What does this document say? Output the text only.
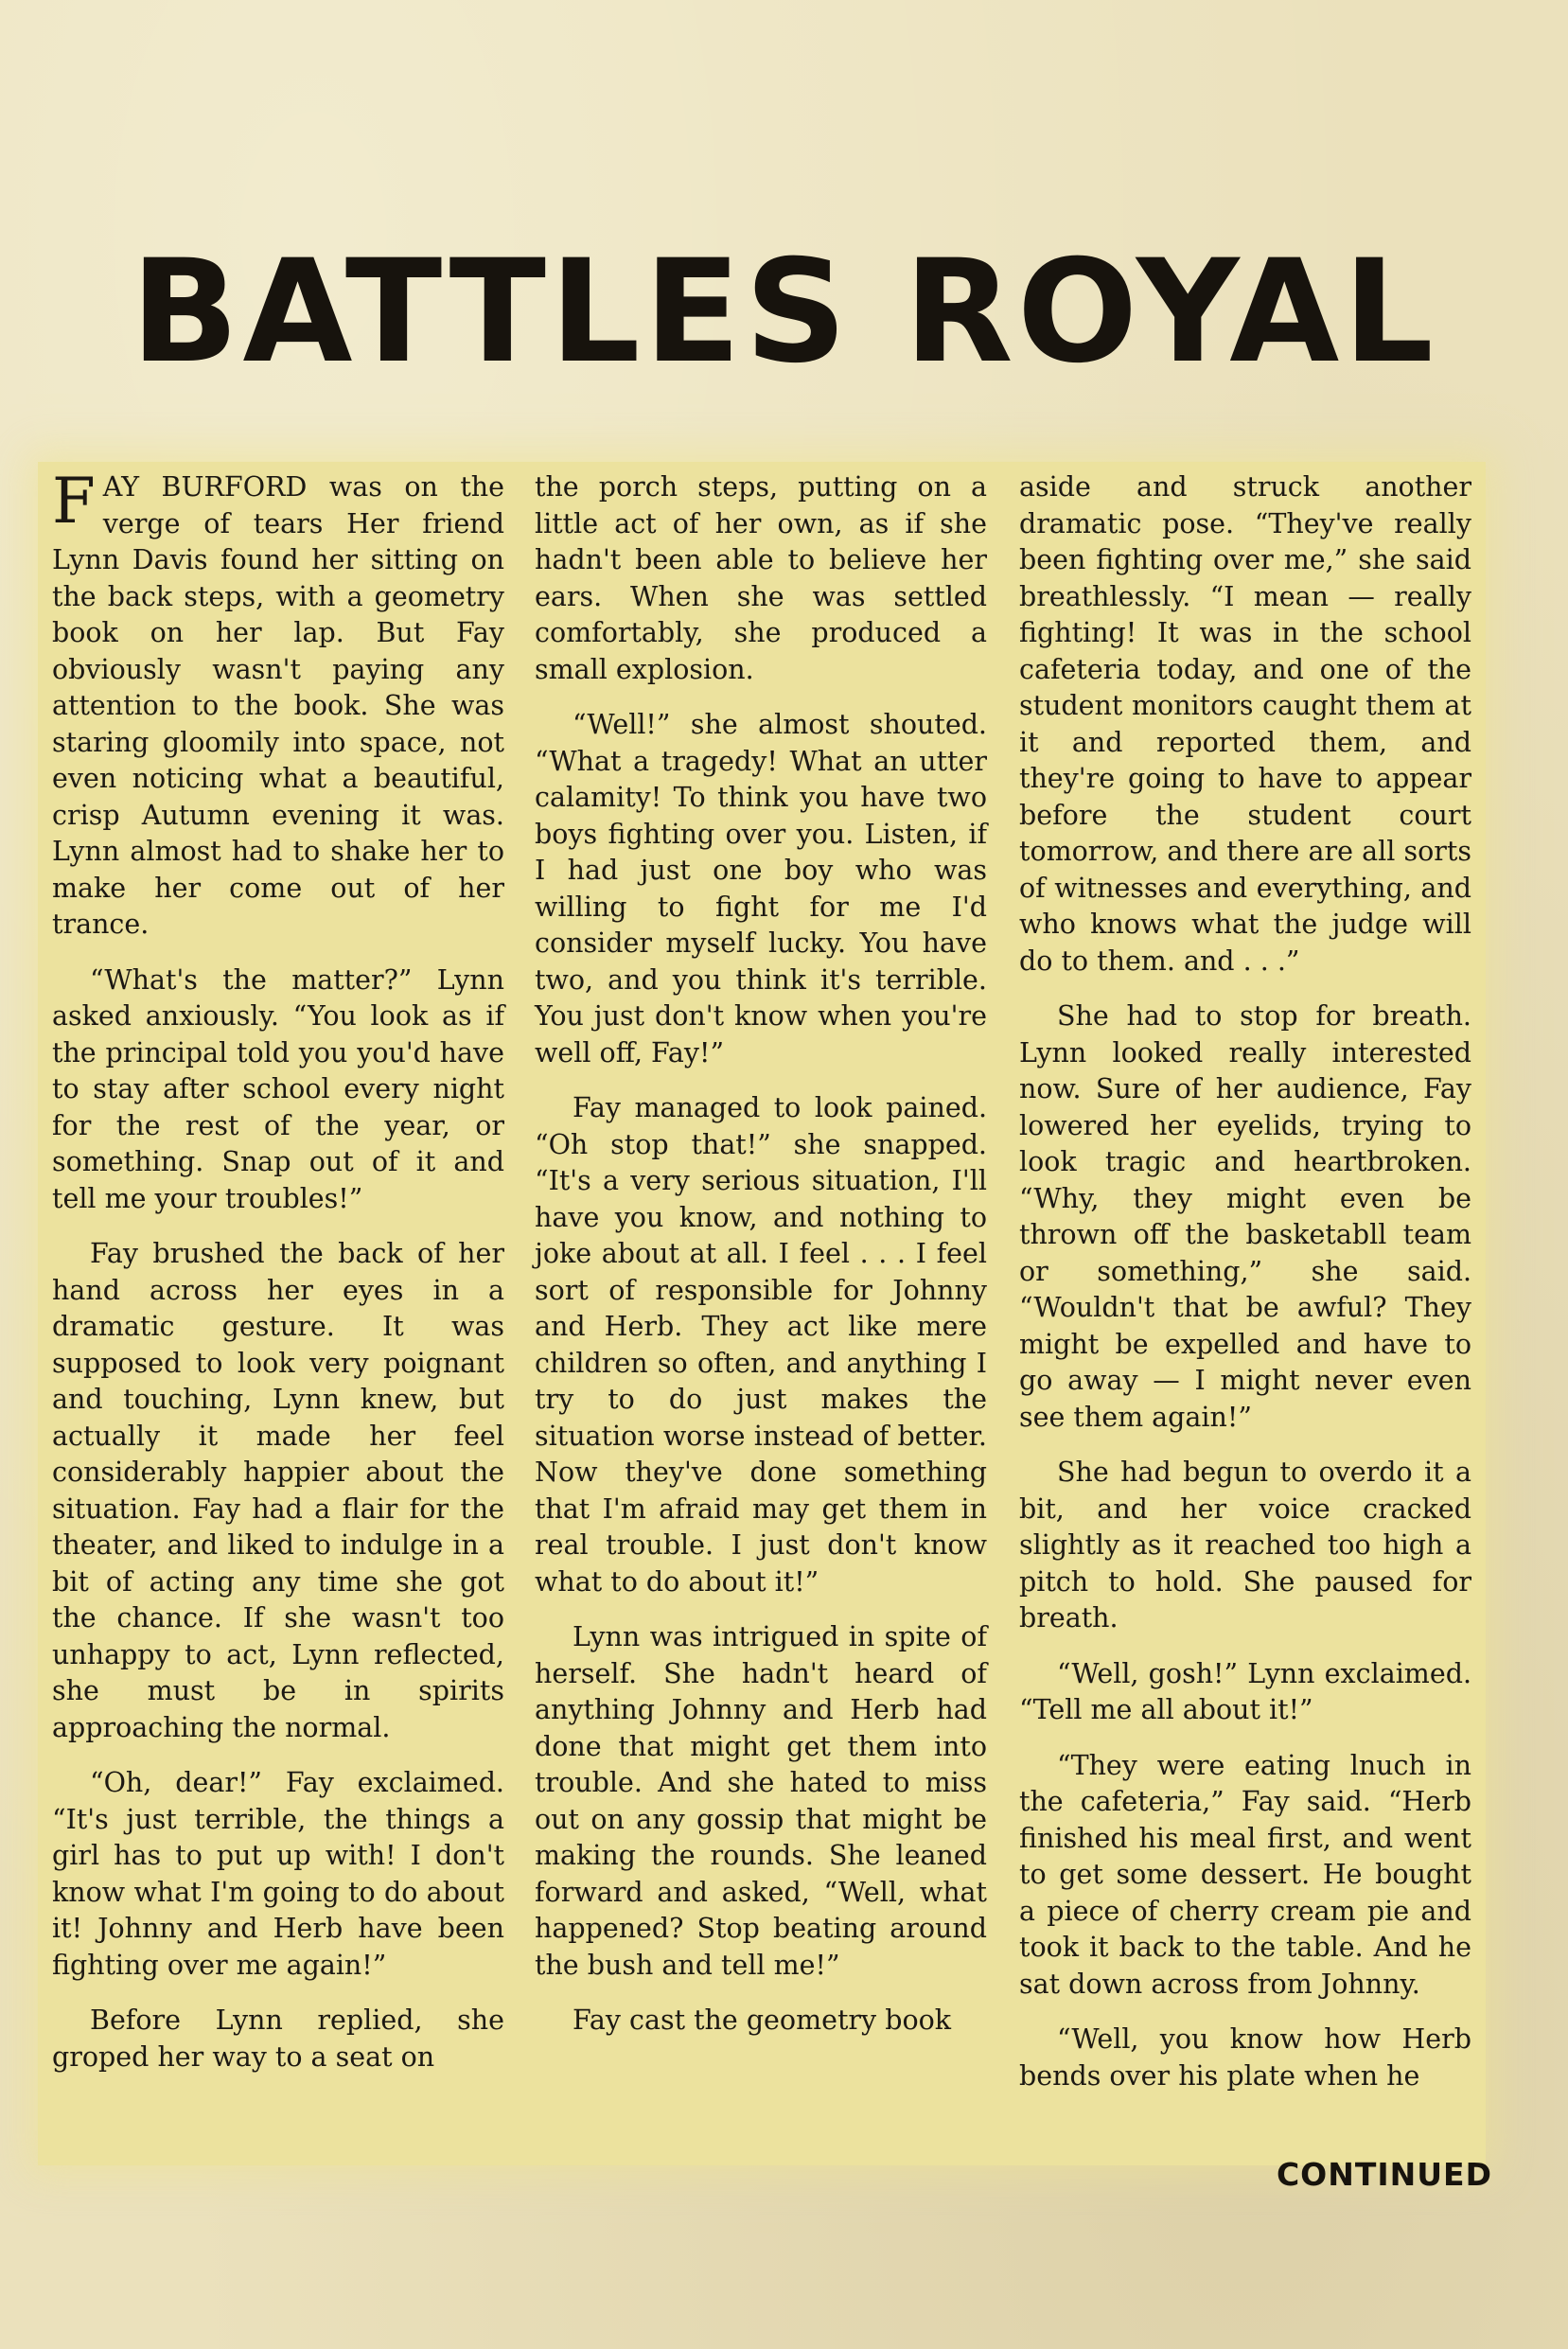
BATTLES ROYAL

FAY BURFORD was on the verge of tears Her friend Lynn Davis found her sitting on the back steps, with a geometry book on her lap. But Fay obviously wasn't paying any attention to the book. She was staring gloomily into space, not even noticing what a beautiful, crisp Autumn evening it was. Lynn almost had to shake her to make her come out of her trance.

“What's the matter?” Lynn asked anxiously. “You look as if the principal told you you'd have to stay after school every night for the rest of the year, or something. Snap out of it and tell me your troubles!”

Fay brushed the back of her hand across her eyes in a dramatic gesture. It was supposed to look very poignant and touching, Lynn knew, but actually it made her feel considerably happier about the situation. Fay had a flair for the theater, and liked to indulge in a bit of acting any time she got the chance. If she wasn't too unhappy to act, Lynn reflected, she must be in spirits approaching the normal.

“Oh, dear!” Fay exclaimed. “It's just terrible, the things a girl has to put up with! I don't know what I'm going to do about it! Johnny and Herb have been fighting over me again!”

Before Lynn replied, she groped her way to a seat on

the porch steps, putting on a little act of her own, as if she hadn't been able to believe her ears. When she was settled comfortably, she produced a small explosion.

“Well!” she almost shouted. “What a tragedy! What an utter calamity! To think you have two boys fighting over you. Listen, if I had just one boy who was willing to fight for me I'd consider myself lucky. You have two, and you think it's terrible. You just don't know when you're well off, Fay!”

Fay managed to look pained. “Oh stop that!” she snapped. “It's a very serious situation, I'll have you know, and nothing to joke about at all. I feel . . . I feel sort of responsible for Johnny and Herb. They act like mere children so often, and anything I try to do just makes the situation worse instead of better. Now they've done something that I'm afraid may get them in real trouble. I just don't know what to do about it!”

Lynn was intrigued in spite of herself. She hadn't heard of anything Johnny and Herb had done that might get them into trouble. And she hated to miss out on any gossip that might be making the rounds. She leaned forward and asked, “Well, what happened? Stop beating around the bush and tell me!”

Fay cast the geometry book

aside and struck another dramatic pose. “They've really been fighting over me,” she said breathlessly. “I mean — really fighting! It was in the school cafeteria today, and one of the student monitors caught them at it and reported them, and they're going to have to appear before the student court tomorrow, and there are all sorts of witnesses and everything, and who knows what the judge will do to them. and . . .”

She had to stop for breath. Lynn looked really interested now. Sure of her audience, Fay lowered her eyelids, trying to look tragic and heartbroken. “Why, they might even be thrown off the basketabll team or something,” she said. “Wouldn't that be awful? They might be expelled and have to go away — I might never even see them again!”

She had begun to overdo it a bit, and her voice cracked slightly as it reached too high a pitch to hold. She paused for breath.

“Well, gosh!” Lynn exclaimed. “Tell me all about it!”

“They were eating lnuch in the cafeteria,” Fay said. “Herb finished his meal first, and went to get some dessert. He bought a piece of cherry cream pie and took it back to the table. And he sat down across from Johnny.

“Well, you know how Herb bends over his plate when he

CONTINUED
